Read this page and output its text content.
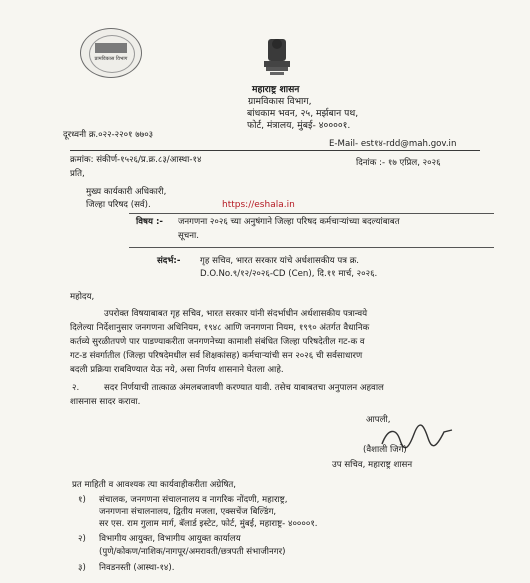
प्रामविकास विभाग
महाराष्ट्र शासन
ग्रामविकास विभाग,
बांधकाम भवन, २५, मर्झबान पथ,
फोर्ट, मंत्रालय, मुंबई- ४००००१.
दूरध्वनी क्र.०२२-२२०१ ७७०३
E-Mail- est१४-rdd@mah.gov.in
क्रमांक: संकीर्ण-१५२६/प्र.क्र.८३/आस्था-१४	दिनांक :- १७ एप्रिल, २०२६
प्रति,
मुख्य कार्यकारी अधिकारी,
जिल्हा परिषद (सर्व).	https://eshala.in
विषय :- जनगणना २०२६ च्या अनुषंगाने जिल्हा परिषद कर्मचाऱ्यांच्या बदल्यांबाबत
सूचना.
संदर्भ:- गृह सचिव, भारत सरकार यांचे अर्धशासकीय पत्र क्र.
D.O.No.९/१२/२०२६-CD (Cen), दि.११ मार्च, २०२६.
महोदय,
उपरोक्त विषयाबाबत गृह सचिव, भारत सरकार यांनी संदर्भाधीन अर्धशासकीय पत्रान्वये
दिलेल्या निर्देशानुसार जनगणना अधिनियम, १९४८ आणि जनगणना नियम, १९९० अंतर्गत वैधानिक
कर्तव्ये सुरळीतपणे पार पाडण्याकरीता जनगणनेच्या कामाशी संबंधित जिल्हा परिषदेतील गट-क व
गट-ड संवर्गातील (जिल्हा परिषदेमधील सर्व शिक्षकांसह) कर्मचाऱ्यांची सन २०२६ ची सर्वसाधारण
बदली प्रक्रिया राबविण्यात येऊ नये, असा निर्णय शासनाने घेतला आहे.
२.	सदर निर्णयाची तात्काळ अंमलबजावणी करण्यात यावी. तसेच याबाबतचा अनुपालन अहवाल
शासनास सादर करावा.
आपली,
(वैशाली जिगे)
उप सचिव, महाराष्ट्र शासन
प्रत माहिती व आवश्यक त्या कार्यवाहीकरीता अग्रेषित,
१) संचालक, जनगणना संचालनालय व नागरिक नोंदणी, महाराष्ट्र,
जनगणना संचालनालय, द्वितीय मजला, एक्सचेंज बिल्डिंग,
सर एस. राम गुलाम मार्ग, बॅलार्ड इस्टेट, फोर्ट, मुंबई, महाराष्ट्र- ४००००१.
२) विभागीय आयुक्त, विभागीय आयुक्त कार्यालय
(पुणे/कोकण/नाशिक/नागपूर/अमरावती/छत्रपती संभाजीनगर)
३) निवडनस्ती (आस्था-१४).
